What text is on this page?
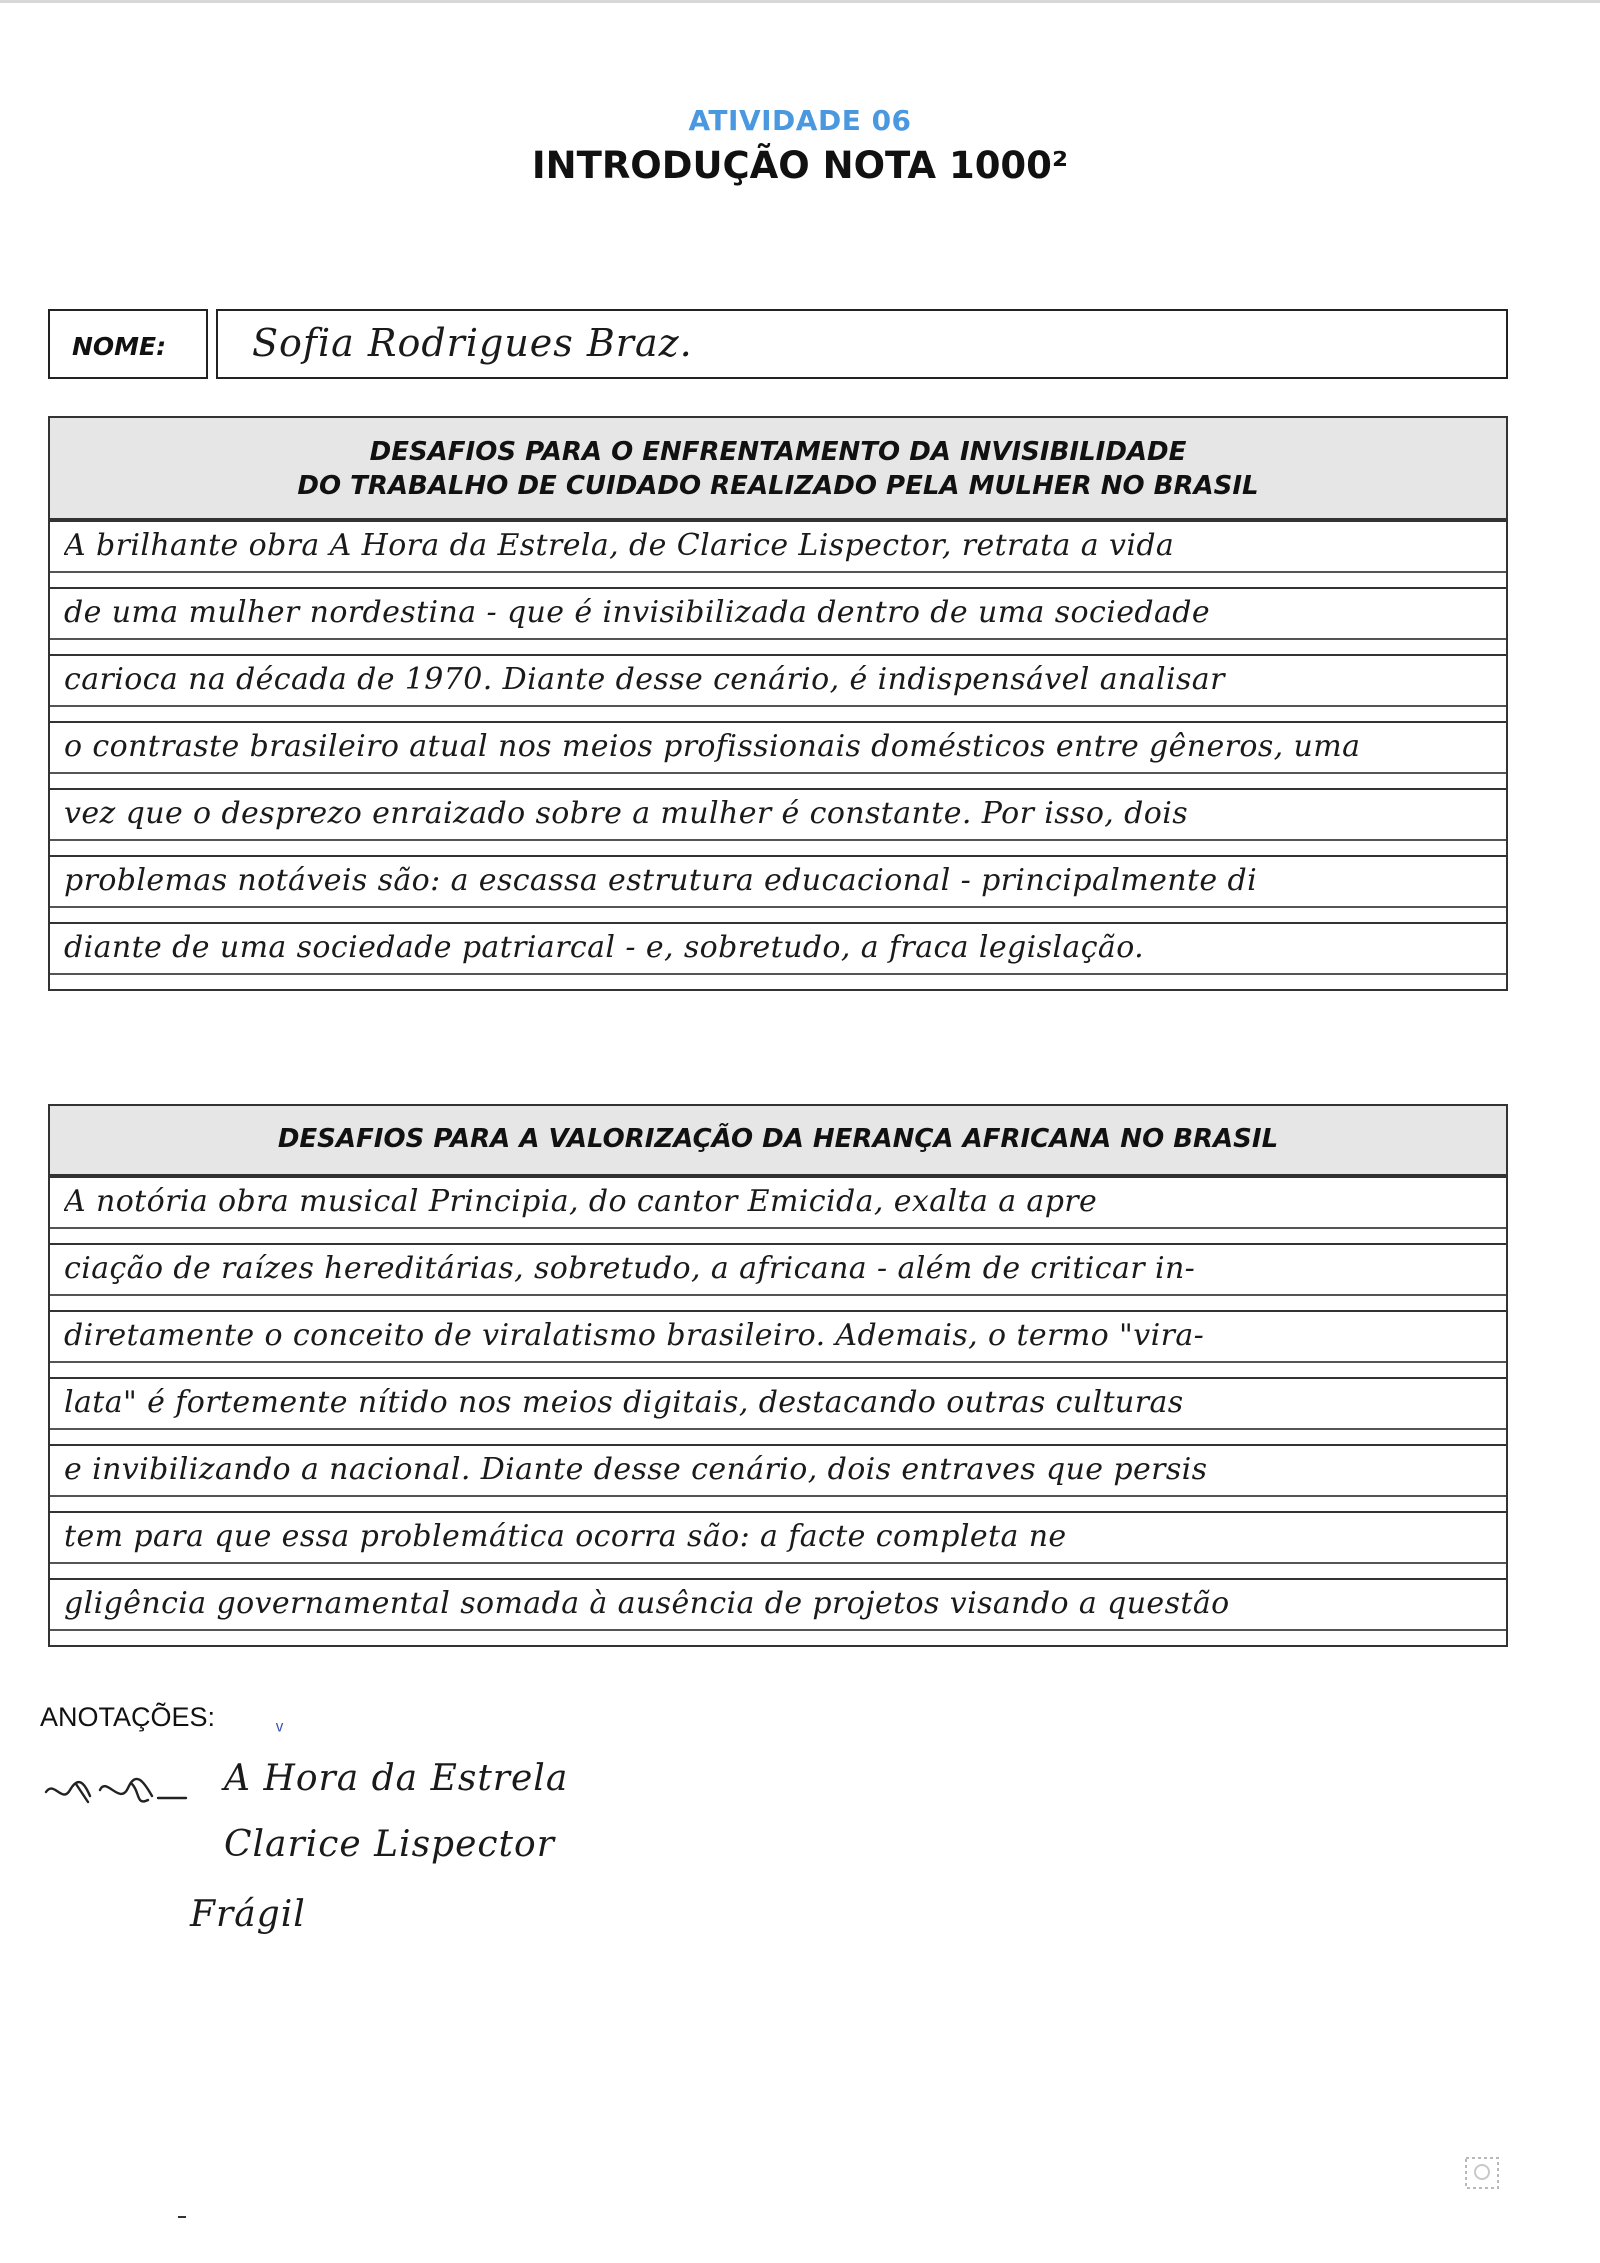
ATIVIDADE 06
INTRODUÇÃO NOTA 1000²
NOME: Sofia Rodrigues Braz.
DESAFIOS PARA O ENFRENTAMENTO DA INVISIBILIDADE
DO TRABALHO DE CUIDADO REALIZADO PELA MULHER NO BRASIL
A brilhante obra A Hora da Estrela, de Clarice Lispector, retrata a vida
de uma mulher nordestina - que é invisibilizada dentro de uma sociedade
carioca na década de 1970. Diante desse cenário, é indispensável analisar
o contraste brasileiro atual nos meios profissionais domésticos entre gêneros, uma
vez que o desprezo enraizado sobre a mulher é constante. Por isso, dois
problemas notáveis são: a escassa estrutura educacional - principalmente di
diante de uma sociedade patriarcal - e, sobretudo, a fraca legislação.
DESAFIOS PARA A VALORIZAÇÃO DA HERANÇA AFRICANA NO BRASIL
A notória obra musical Principia, do cantor Emicida, exalta a apre
ciação de raízes hereditárias, sobretudo, a africana - além de criticar in-
diretamente o conceito de viralatismo brasileiro. Ademais, o termo "vira-
lata" é fortemente nítido nos meios digitais, destacando outras culturas
e invibilizando a nacional. Diante desse cenário, dois entraves que persis
tem para que essa problemática ocorra são: a facte completa ne
gligência governamental somada à ausência de projetos visando a questão
ANOTAÇÕES:	ᵥ
A Hora da Estrela
Clarice Lispector
Frágil
